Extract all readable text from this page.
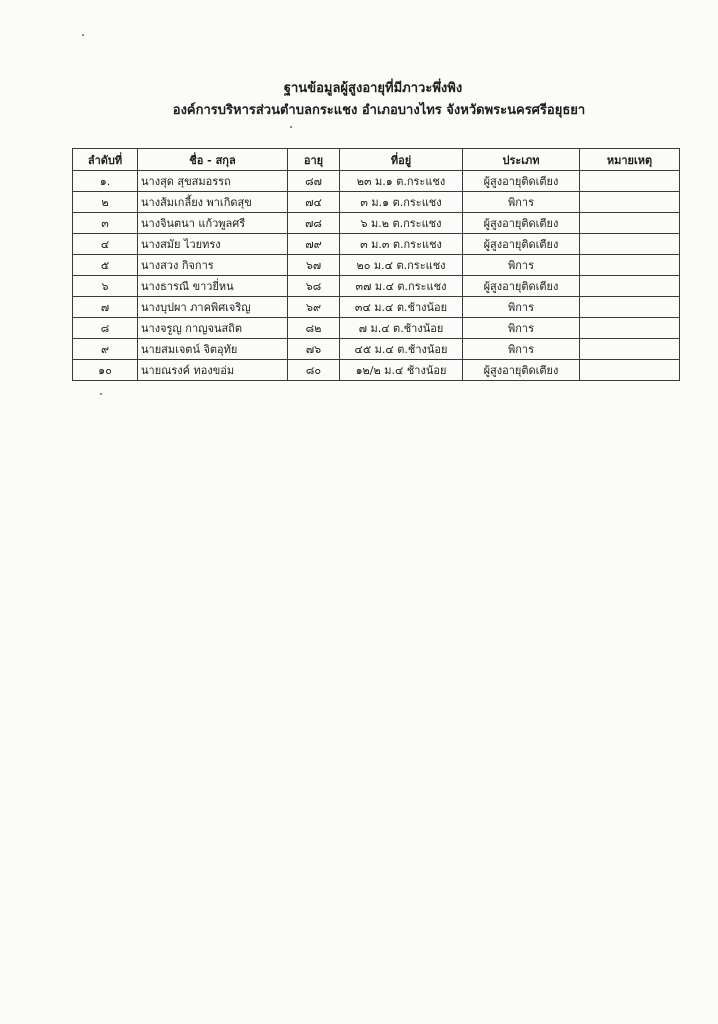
ฐานข้อมูลผู้สูงอายุที่มีภาวะพึ่งพิง
องค์การบริหารส่วนตำบลกระแชง อำเภอบางไทร จังหวัดพระนครศรีอยุธยา
ลำดับที่	ชื่อ - สกุล	อายุ	ที่อยู่	ประเภท	หมายเหตุ
๑.	นางสุด สุขสมอรรถ	๘๗	๒๓ ม.๑ ต.กระแชง	ผู้สูงอายุติดเตียง	
๒	นางส้มเกลี้ยง พาเกิดสุข	๗๔	๓ ม.๑ ต.กระแชง	พิการ	
๓	นางจินตนา แก้วพูลศรี	๗๘	๖ ม.๒ ต.กระแชง	ผู้สูงอายุติดเตียง	
๔	นางสมัย ไวยทรง	๗๙	๓ ม.๓ ต.กระแชง	ผู้สูงอายุติดเตียง	
๕	นางสวง กิจการ	๖๗	๒๐ ม.๔ ต.กระแชง	พิการ	
๖	นางธารณี ขาวยี่หน	๖๘	๓๗ ม.๔ ต.กระแชง	ผู้สูงอายุติดเตียง	
๗	นางบุปผา ภาคพิศเจริญ	๖๙	๓๔ ม.๔ ต.ช้างน้อย	พิการ	
๘	นางจรูญ กาญจนสถิต	๘๒	๗ ม.๔ ต.ช้างน้อย	พิการ	
๙	นายสมเจตน์ จิตอุทัย	๗๖	๔๕ ม.๔ ต.ช้างน้อย	พิการ	
๑๐	นายณรงค์ ทองขอ่ม	๘๐	๑๒/๒ ม.๔ ช้างน้อย	ผู้สูงอายุติดเตียง	
